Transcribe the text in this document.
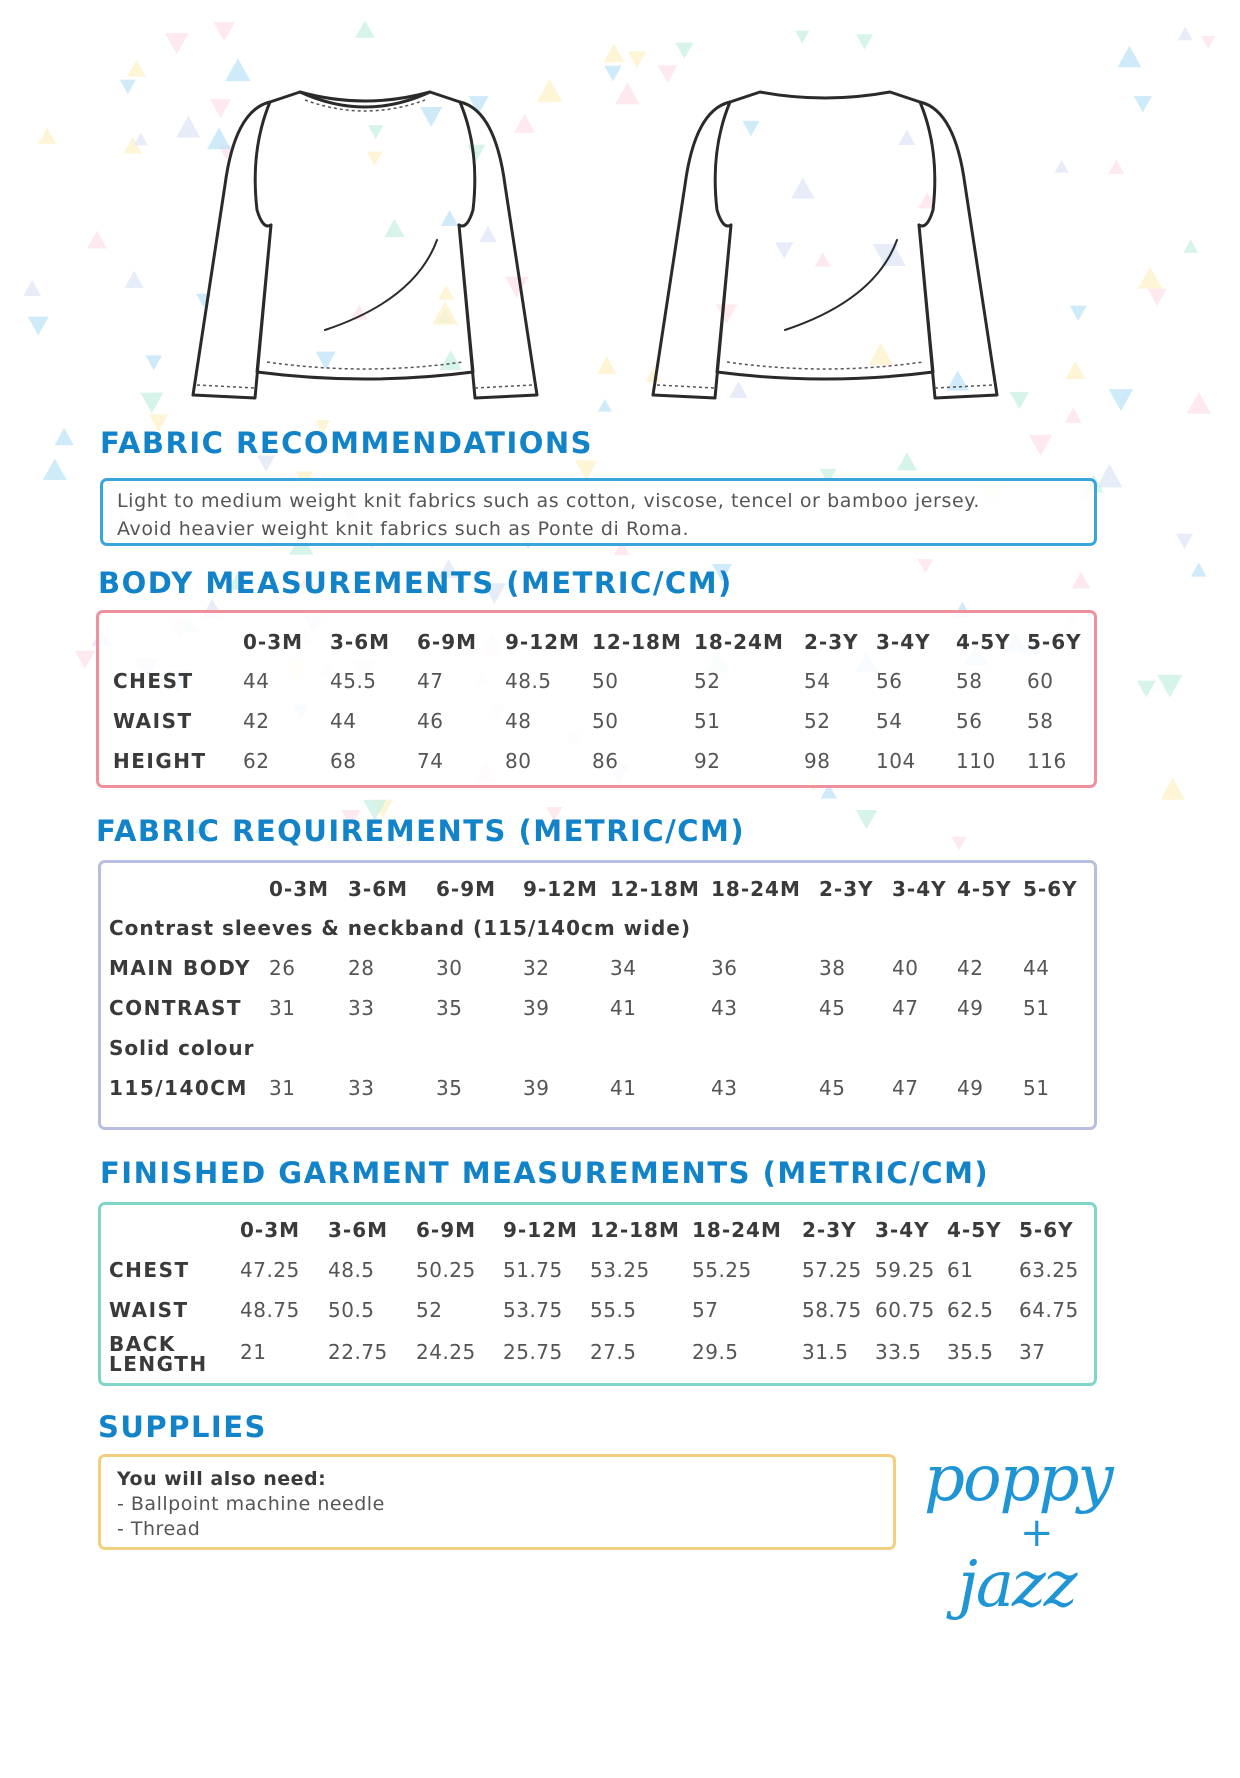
FABRIC RECOMMENDATIONS
Light to medium weight knit fabrics such as cotton, viscose, tencel or bamboo jersey.
Avoid heavier weight knit fabrics such as Ponte di Roma.
BODY MEASUREMENTS (METRIC/CM)
	0-3M	3-6M	6-9M	9-12M	12-18M	18-24M	2-3Y	3-4Y	4-5Y	5-6Y
CHEST	44	45.5	47	48.5	50	52	54	56	58	60
WAIST	42	44	46	48	50	51	52	54	56	58
HEIGHT	62	68	74	80	86	92	98	104	110	116
FABRIC REQUIREMENTS (METRIC/CM)
	0-3M	3-6M	6-9M	9-12M	12-18M	18-24M	2-3Y	3-4Y	4-5Y	5-6Y
Contrast sleeves & neckband (115/140cm wide)										
MAIN BODY	26	28	30	32	34	36	38	40	42	44
CONTRAST	31	33	35	39	41	43	45	47	49	51
Solid colour										
115/140CM	31	33	35	39	41	43	45	47	49	51
FINISHED GARMENT MEASUREMENTS (METRIC/CM)
	0-3M	3-6M	6-9M	9-12M	12-18M	18-24M	2-3Y	3-4Y	4-5Y	5-6Y
CHEST	47.25	48.5	50.25	51.75	53.25	55.25	57.25	59.25	61	63.25
WAIST	48.75	50.5	52	53.75	55.5	57	58.75	60.75	62.5	64.75
BACK
LENGTH	21	22.75	24.25	25.75	27.5	29.5	31.5	33.5	35.5	37
SUPPLIES
You will also need:
- Ballpoint machine needle
- Thread
poppy
+
jazz
